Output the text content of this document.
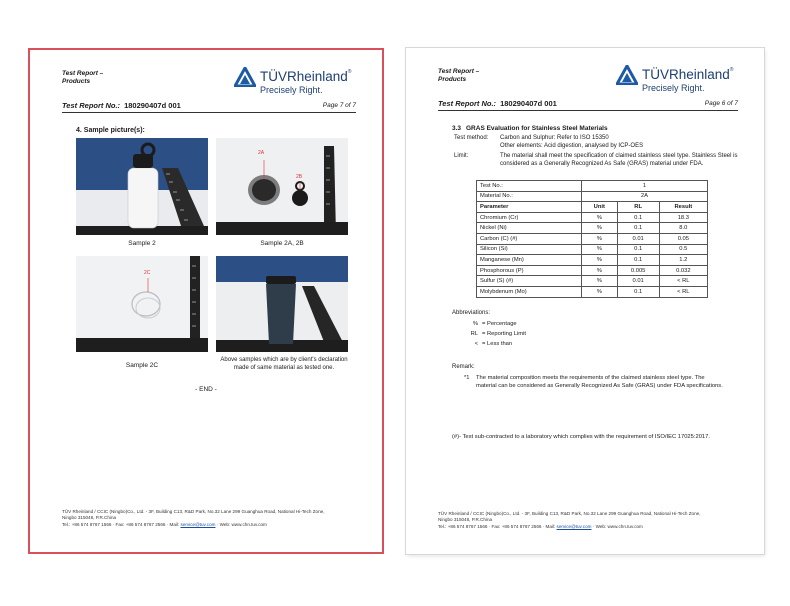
Test Report –
Products	TÜVRheinland®
Precisely Right.
Test Report No.: 180290407d 001	Page 7 of 7
4. Sample picture(s):
Sample 2
2A
2B
Sample 2A, 2B
2C
Sample 2C
Above samples which are by client's declaration
made of same material as tested one.
- END -
TÜV Rheinland / CCIC (Ningbo)Co., Ltd. - 3F, Building C13, R&D Park, No.32 Lane 299 Guanghua Road, National Hi-Tech Zone,
Ningbo 315048, P.R.China
Tel.: +86 574 8767 1566 · Fax: +86 574 8767 2566 · Mail: service@tuv.com · Web: www.chn.tuv.com
Test Report –
Products	TÜVRheinland®
Precisely Right.
Test Report No.: 180290407d 001	Page 6 of 7
3.3 GRAS Evaluation for Stainless Steel Materials
Test method: Carbon and Sulphur: Refer to ISO 15350
Other elements: Acid digestion, analysed by ICP-OES
Limit:	The material shall meet the specification of claimed stainless steel type. Stainless Steel is
considered as a Generally Recognized As Safe (GRAS) material under FDA.
Test No.:	1		
Material No.:	2A		
Parameter	Unit	RL	Result
Chromium (Cr)	%	0.1	18.3
Nickel (Ni)	%	0.1	8.0
Carbon (C) (#)	%	0.01	0.05
Silicon (Si)	%	0.1	0.5
Manganese (Mn)	%	0.1	1.2
Phosphorous (P)	%	0.005	0.032
Sulfur (S) (#)	%	0.01	< RL
Molybdenum (Mo)	%	0.1	< RL
Abbreviations:
% = Percentage
RL = Reporting Limit
< = Less than
Remark:
*1 The material composition meets the requirements of the claimed stainless steel type. The
material can be considered as Generally Recognized As Safe (GRAS) under FDA specifications.
(#)- Test sub-contracted to a laboratory which complies with the requirement of ISO/IEC 17025:2017.
TÜV Rheinland / CCIC (Ningbo)Co., Ltd. - 3F, Building C13, R&D Park, No.32 Lane 299 Guanghua Road, National Hi-Tech Zone,
Ningbo 315048, P.R.China
Tel.: +86 574 8767 1566 · Fax: +86 574 8767 2566 · Mail: service@tuv.com · Web: www.chn.tuv.com
